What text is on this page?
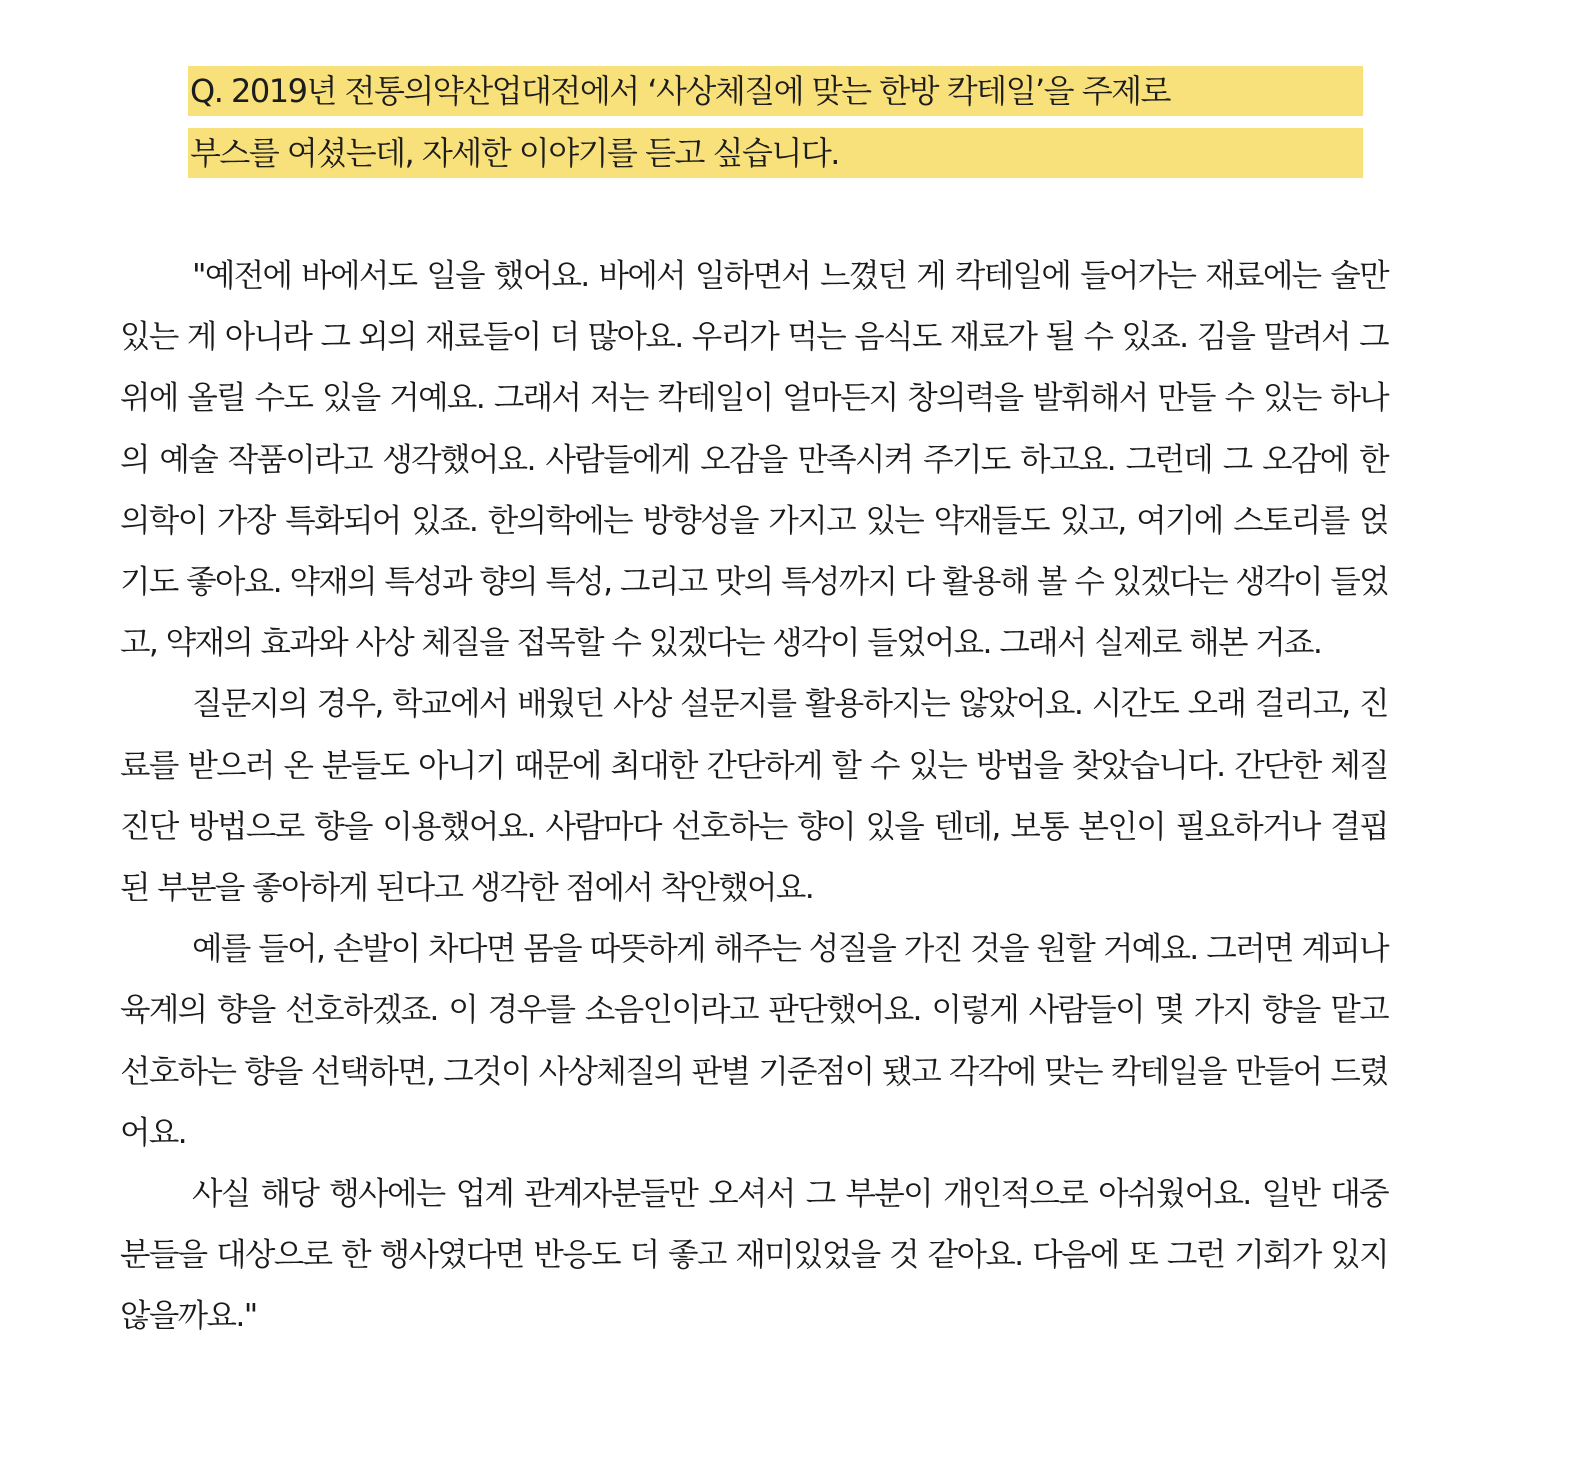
Q. 2019년 전통의약산업대전에서 ‘사상체질에 맞는 한방 칵테일’을 주제로
부스를 여셨는데, 자세한 이야기를 듣고 싶습니다.

"예전에 바에서도 일을 했어요. 바에서 일하면서 느꼈던 게 칵테일에 들어가는 재료에는 술만 있는 게 아니라 그 외의 재료들이 더 많아요. 우리가 먹는 음식도 재료가 될 수 있죠. 김을 말려서 그 위에 올릴 수도 있을 거예요. 그래서 저는 칵테일이 얼마든지 창의력을 발휘해서 만들 수 있는 하나의 예술 작품이라고 생각했어요. 사람들에게 오감을 만족시켜 주기도 하고요. 그런데 그 오감에 한의학이 가장 특화되어 있죠. 한의학에는 방향성을 가지고 있는 약재들도 있고, 여기에 스토리를 얹기도 좋아요. 약재의 특성과 향의 특성, 그리고 맛의 특성까지 다 활용해 볼 수 있겠다는 생각이 들었고, 약재의 효과와 사상 체질을 접목할 수 있겠다는 생각이 들었어요. 그래서 실제로 해본 거죠.

질문지의 경우, 학교에서 배웠던 사상 설문지를 활용하지는 않았어요. 시간도 오래 걸리고, 진료를 받으러 온 분들도 아니기 때문에 최대한 간단하게 할 수 있는 방법을 찾았습니다. 간단한 체질 진단 방법으로 향을 이용했어요. 사람마다 선호하는 향이 있을 텐데, 보통 본인이 필요하거나 결핍된 부분을 좋아하게 된다고 생각한 점에서 착안했어요.

예를 들어, 손발이 차다면 몸을 따뜻하게 해주는 성질을 가진 것을 원할 거예요. 그러면 계피나 육계의 향을 선호하겠죠. 이 경우를 소음인이라고 판단했어요. 이렇게 사람들이 몇 가지 향을 맡고 선호하는 향을 선택하면, 그것이 사상체질의 판별 기준점이 됐고 각각에 맞는 칵테일을 만들어 드렸어요.

사실 해당 행사에는 업계 관계자분들만 오셔서 그 부분이 개인적으로 아쉬웠어요. 일반 대중분들을 대상으로 한 행사였다면 반응도 더 좋고 재미있었을 것 같아요. 다음에 또 그런 기회가 있지 않을까요."
